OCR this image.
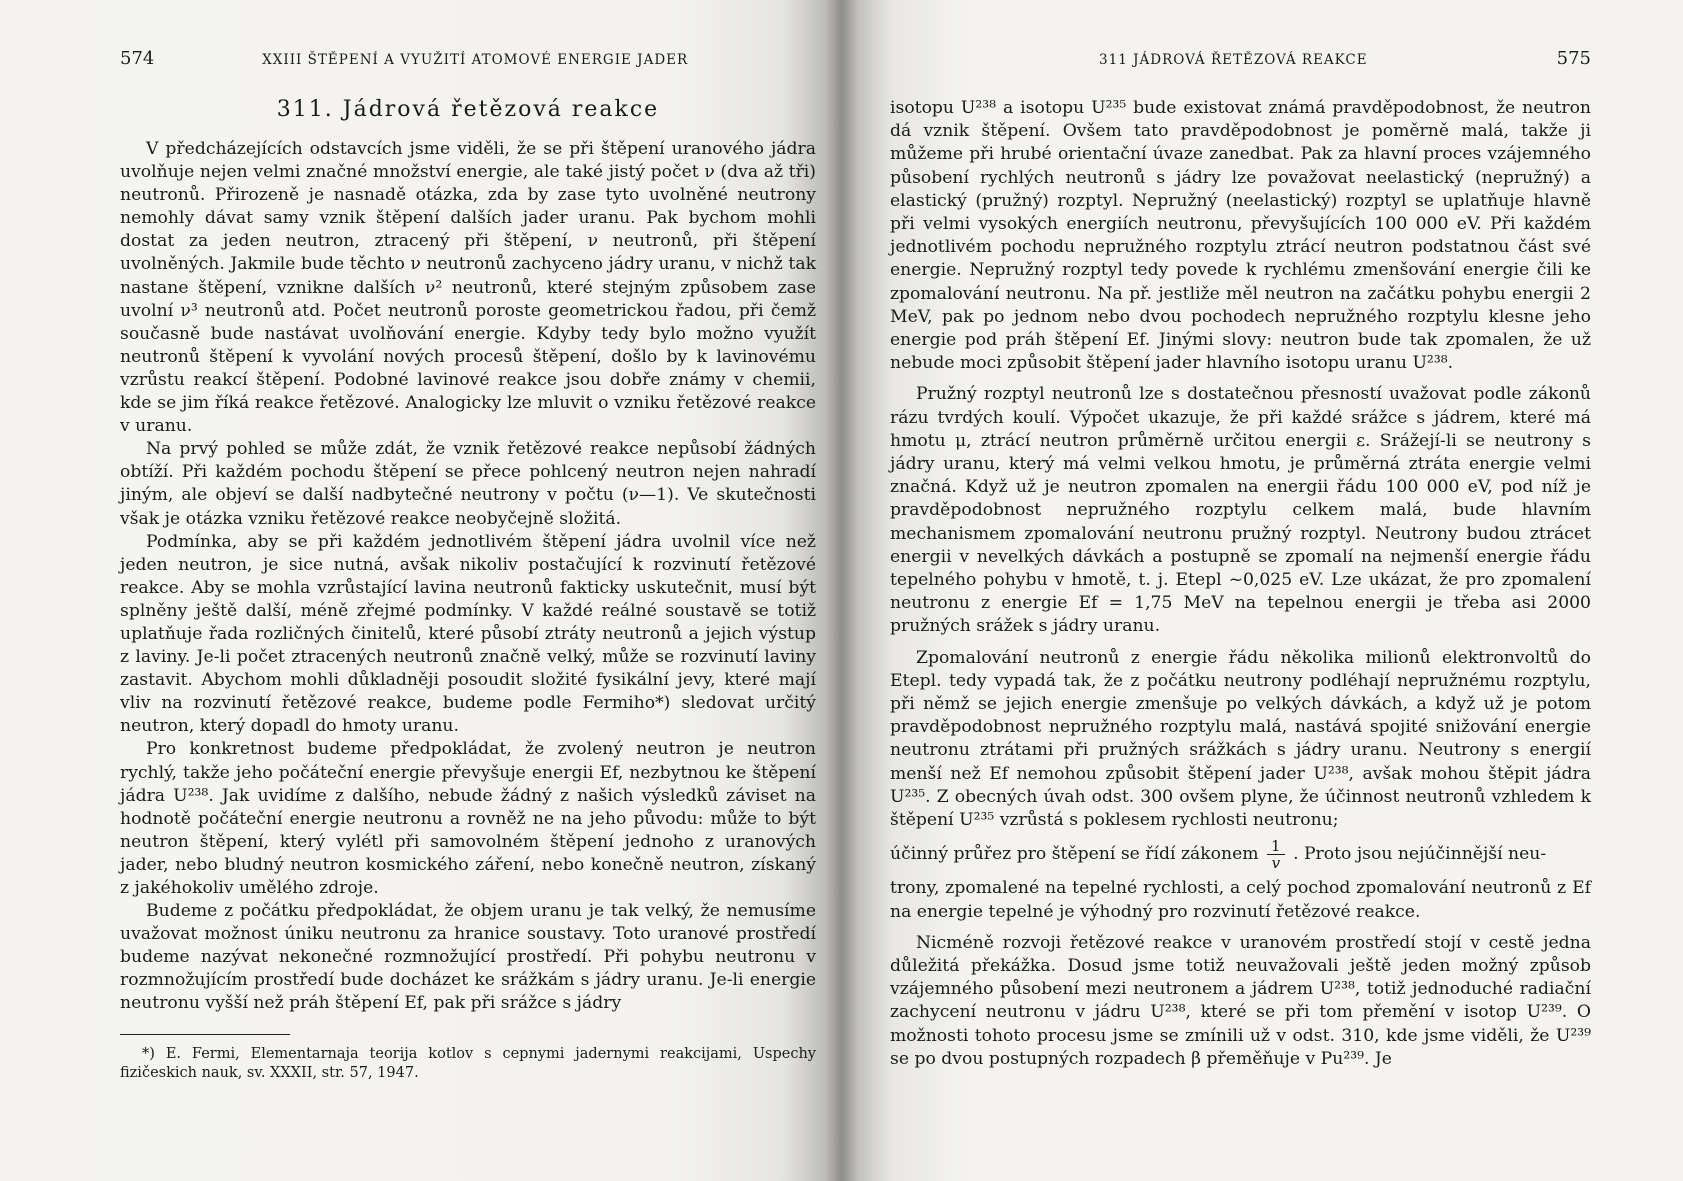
574	XXIII ŠTĚPENÍ A VYUŽITÍ ATOMOVÉ ENERGIE JADER
311. Jádrová řetězová reakce

V předcházejících odstavcích jsme viděli, že se při štěpení uranového jádra uvolňuje nejen velmi značné množství energie, ale také jistý počet ν (dva až tři) neutronů. Přirozeně je nasnadě otázka, zda by zase tyto uvolněné neutrony nemohly dávat samy vznik štěpení dalších jader uranu. Pak bychom mohli dostat za jeden neutron, ztracený při štěpení, ν neutronů, při štěpení uvolněných. Jakmile bude těchto ν neutronů zachyceno jádry uranu, v nichž tak nastane štěpení, vznikne dalších ν² neutronů, které stejným způsobem zase uvolní ν³ neutronů atd. Počet neutronů poroste geometrickou řadou, při čemž současně bude nastávat uvolňování energie. Kdyby tedy bylo možno využít neutronů štěpení k vyvolání nových procesů štěpení, došlo by k lavinovému vzrůstu reakcí štěpení. Podobné lavinové reakce jsou dobře známy v chemii, kde se jim říká reakce řetězové. Analogicky lze mluvit o vzniku řetězové reakce v uranu.

Na prvý pohled se může zdát, že vznik řetězové reakce nepůsobí žádných obtíží. Při každém pochodu štěpení se přece pohlcený neutron nejen nahradí jiným, ale objeví se další nadbytečné neutrony v počtu (ν—1). Ve skutečnosti však je otázka vzniku řetězové reakce neobyčejně složitá.

Podmínka, aby se při každém jednotlivém štěpení jádra uvolnil více než jeden neutron, je sice nutná, avšak nikoliv postačující k rozvinutí řetězové reakce. Aby se mohla vzrůstající lavina neutronů fakticky uskutečnit, musí být splněny ještě další, méně zřejmé podmínky. V každé reálné soustavě se totiž uplatňuje řada rozličných činitelů, které působí ztráty neutronů a jejich výstup z laviny. Je-li počet ztracených neutronů značně velký, může se rozvinutí laviny zastavit. Abychom mohli důkladněji posoudit složité fysikální jevy, které mají vliv na rozvinutí řetězové reakce, budeme podle Fermiho*) sledovat určitý neutron, který dopadl do hmoty uranu.

Pro konkretnost budeme předpokládat, že zvolený neutron je neutron rychlý, takže jeho počáteční energie převyšuje energii Ef, nezbytnou ke štěpení jádra U²³⁸. Jak uvidíme z dalšího, nebude žádný z našich výsledků záviset na hodnotě počáteční energie neutronu a rovněž ne na jeho původu: může to být neutron štěpení, který vylétl při samovolném štěpení jednoho z uranových jader, nebo bludný neutron kosmického záření, nebo konečně neutron, získaný z jakéhokoliv umělého zdroje.

Budeme z počátku předpokládat, že objem uranu je tak velký, že nemusíme uvažovat možnost úniku neutronu za hranice soustavy. Toto uranové prostředí budeme nazývat nekonečné rozmnožující prostředí. Při pohybu neutronu v rozmnožujícím prostředí bude docházet ke srážkám s jádry uranu. Je-li energie neutronu vyšší než práh štěpení Ef, pak při srážce s jádry

*) E. Fermi, Elementarnaja teorija kotlov s cepnymi jadernymi reakcijami, Uspechy fizičeskich nauk, sv. XXXII, str. 57, 1947.
311 JÁDROVÁ ŘETĚZOVÁ REAKCE	575

isotopu U²³⁸ a isotopu U²³⁵ bude existovat známá pravděpodobnost, že neutron dá vznik štěpení. Ovšem tato pravděpodobnost je poměrně malá, takže ji můžeme při hrubé orientační úvaze zanedbat. Pak za hlavní proces vzájemného působení rychlých neutronů s jádry lze považovat neelastický (nepružný) a elastický (pružný) rozptyl. Nepružný (neelastický) rozptyl se uplatňuje hlavně při velmi vysokých energiích neutronu, převyšujících 100 000 eV. Při každém jednotlivém pochodu nepružného rozptylu ztrácí neutron podstatnou část své energie. Nepružný rozptyl tedy povede k rychlému zmenšování energie čili ke zpomalování neutronu. Na př. jestliže měl neutron na začátku pohybu energii 2 MeV, pak po jednom nebo dvou pochodech nepružného rozptylu klesne jeho energie pod práh štěpení Ef. Jinými slovy: neutron bude tak zpomalen, že už nebude moci způsobit štěpení jader hlavního isotopu uranu U²³⁸.

Pružný rozptyl neutronů lze s dostatečnou přesností uvažovat podle zákonů rázu tvrdých koulí. Výpočet ukazuje, že při každé srážce s jádrem, které má hmotu μ, ztrácí neutron průměrně určitou energii ε. Srážejí-li se neutrony s jádry uranu, který má velmi velkou hmotu, je průměrná ztráta energie velmi značná. Když už je neutron zpomalen na energii řádu 100 000 eV, pod níž je pravděpodobnost nepružného rozptylu celkem malá, bude hlavním mechanismem zpomalování neutronu pružný rozptyl. Neutrony budou ztrácet energii v nevelkých dávkách a postupně se zpomalí na nejmenší energie řádu tepelného pohybu v hmotě, t. j. Etepl ~0,025 eV. Lze ukázat, že pro zpomalení neutronu z energie Ef = 1,75 MeV na tepelnou energii je třeba asi 2000 pružných srážek s jádry uranu.

Zpomalování neutronů z energie řádu několika milionů elektronvoltů do Etepl. tedy vypadá tak, že z počátku neutrony podléhají nepružnému rozptylu, při němž se jejich energie zmenšuje po velkých dávkách, a když už je potom pravděpodobnost nepružného rozptylu malá, nastává spojité snižování energie neutronu ztrátami při pružných srážkách s jádry uranu. Neutrony s energií menší než Ef nemohou způsobit štěpení jader U²³⁸, avšak mohou štěpit jádra U²³⁵. Z obecných úvah odst. 300 ovšem plyne, že účinnost neutronů vzhledem k štěpení U²³⁵ vzrůstá s poklesem rychlosti neutronu;

účinný průřez pro štěpení se řídí zákonem $\frac{1}{v}$ . Proto jsou nejúčinnější neu-

trony, zpomalené na tepelné rychlosti, a celý pochod zpomalování neutronů z Ef na energie tepelné je výhodný pro rozvinutí řetězové reakce.

Nicméně rozvoji řetězové reakce v uranovém prostředí stojí v cestě jedna důležitá překážka. Dosud jsme totiž neuvažovali ještě jeden možný způsob vzájemného působení mezi neutronem a jádrem U²³⁸, totiž jednoduché radiační zachycení neutronu v jádru U²³⁸, které se při tom přemění v isotop U²³⁹. O možnosti tohoto procesu jsme se zmínili už v odst. 310, kde jsme viděli, že U²³⁹ se po dvou postupných rozpadech β přeměňuje v Pu²³⁹. Je
